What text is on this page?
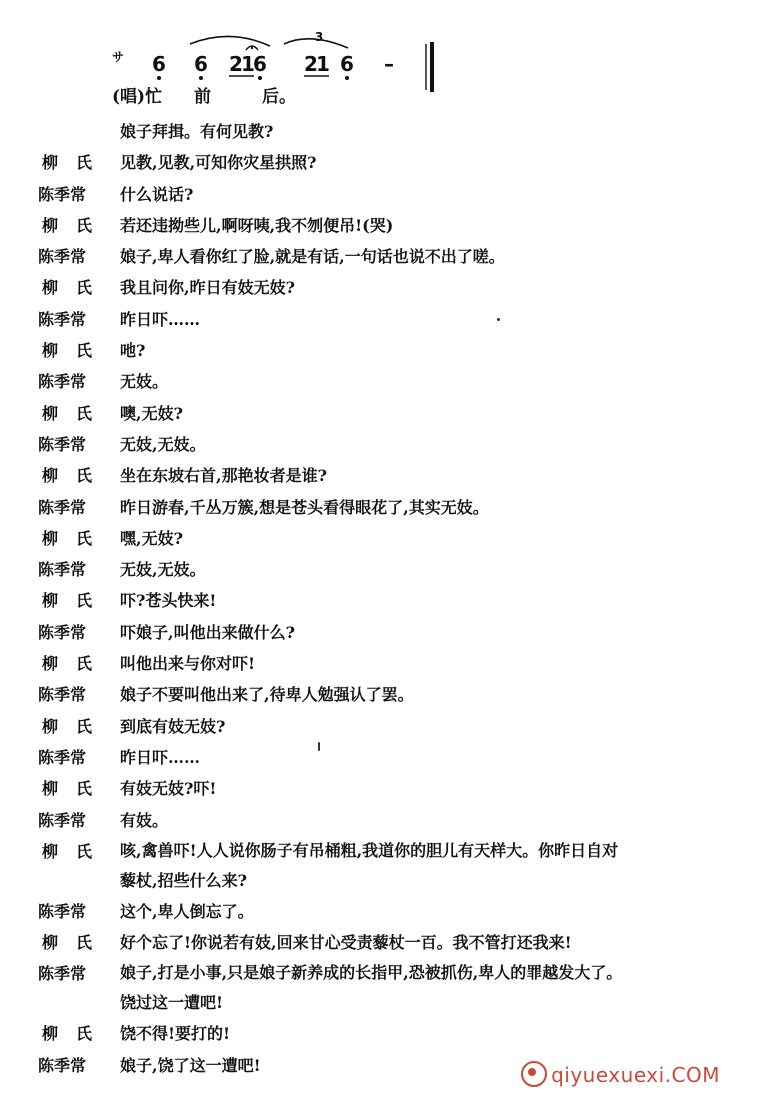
サ 6 6 2
1
6 2
1 6 –
3
(唱)忙 前	后。
娘子拜揖。有何见教?
柳氏 见教,见教,可知你灾星拱照?
陈季常	什么说话?
柳氏 若还违拗些儿,啊呀咦,我不刎便吊!(哭)
陈季常	娘子,卑人看你红了脸,就是有话,一句话也说不出了嗟。
柳氏 我且问你,昨日有妓无妓?
陈季常	昨日吓……
柳氏 吔?
陈季常	无妓。
柳氏 噢,无妓?
陈季常	无妓,无妓。
柳氏 坐在东坡右首,那艳妆者是谁?
陈季常	昨日游春,千丛万簇,想是苍头看得眼花了,其实无妓。
柳氏 嘿,无妓?
陈季常	无妓,无妓。
柳氏 吓?苍头快来!
陈季常	吓娘子,叫他出来做什么?
柳氏 叫他出来与你对吓!
陈季常	娘子不要叫他出来了,待卑人勉强认了罢。
柳氏 到底有妓无妓?
陈季常	昨日吓……
柳氏 有妓无妓?吓!
陈季常	有妓。
柳氏 咳,禽兽吓!人人说你肠子有吊桶粗,我道你的胆儿有天样大。你昨日自对
藜杖,招些什么来?
陈季常	这个,卑人倒忘了。
柳氏 好个忘了!你说若有妓,回来甘心受责藜杖一百。我不管打还我来!
陈季常	娘子,打是小事,只是娘子新养成的长指甲,恐被抓伤,卑人的罪越发大了。
饶过这一遭吧!
柳氏 饶不得!要打的!
陈季常	娘子,饶了这一遭吧!	qiyuexuexi.COM
